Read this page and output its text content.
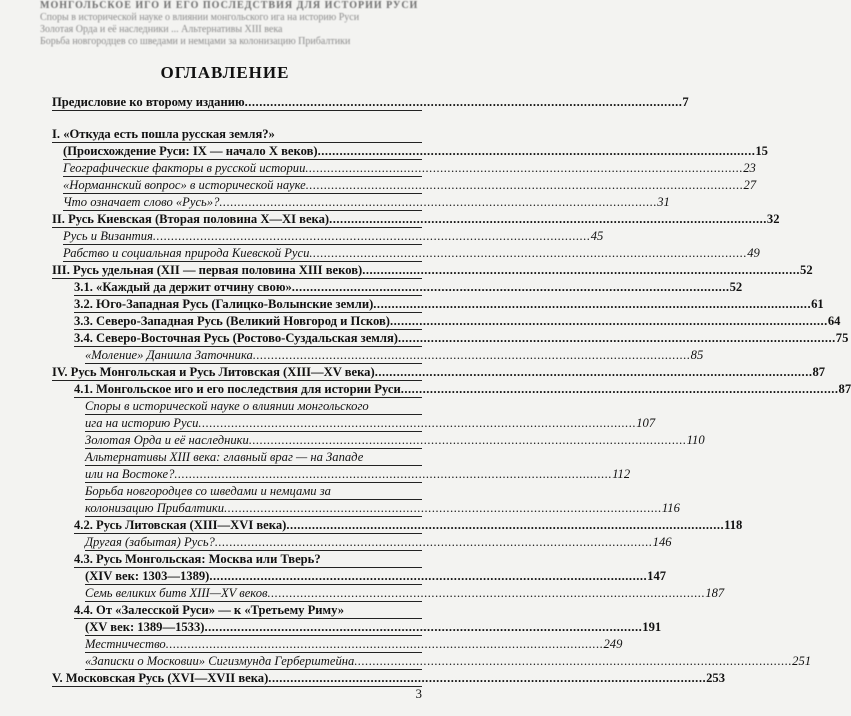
МОНГОЛЬСКОЕ ИГО И ЕГО ПОСЛЕДСТВИЯ ДЛЯ ИСТОРИИ РУСИ
Споры в исторической науке о влиянии монгольского ига на историю Руси
Золотая Орда и её наследники ... Альтернативы XIII века
Борьба новгородцев со шведами и немцами за колонизацию Прибалтики
ОГЛАВЛЕНИЕ
Предисловие ко второму изданию .....	7
I. «Откуда есть пошла русская земля?»
(Происхождение Руси: IX — начало X веков) .....	15
Географические факторы в русской истории .....	23
«Норманнский вопрос» в исторической науке .....	27
Что означает слово «Русь»? .....	31
II. Русь Киевская (Вторая половина X—XI века) .....	32
Русь и Византия .....	45
Рабство и социальная природа Киевской Руси .....	49
III. Русь удельная (XII — первая половина XIII веков) .....	52
3.1. «Каждый да держит отчину свою» .....	52
3.2. Юго-Западная Русь (Галицко-Волынские земли) .....	61
3.3. Северо-Западная Русь (Великий Новгород и Псков) .....	64
3.4. Северо-Восточная Русь (Ростово-Суздальская земля) .....	75
«Моление» Даниила Заточника .....	85
IV. Русь Монгольская и Русь Литовская (XIII—XV века) .....	87
4.1. Монгольское иго и его последствия для истории Руси .....	87
Споры в исторической науке о влиянии монгольского
ига на историю Руси .....	107
Золотая Орда и её наследники .....	110
Альтернативы XIII века: главный враг — на Западе
или на Востоке? .....	112
Борьба новгородцев со шведами и немцами за
колонизацию Прибалтики .....	116
4.2. Русь Литовская (XIII—XVI века) .....	118
Другая (забытая) Русь? .....	146
4.3. Русь Монгольская: Москва или Тверь?
(XIV век: 1303—1389) .....	147
Семь великих битв XIII—XV веков .....	187
4.4. От «Залесской Руси» — к «Третьему Риму»
(XV век: 1389—1533) .....	191
Местничество .....	249
«Записки о Московии» Сигизмунда Герберштейна .....	251
V. Московская Русь (XVI—XVII века) .....	253
3
